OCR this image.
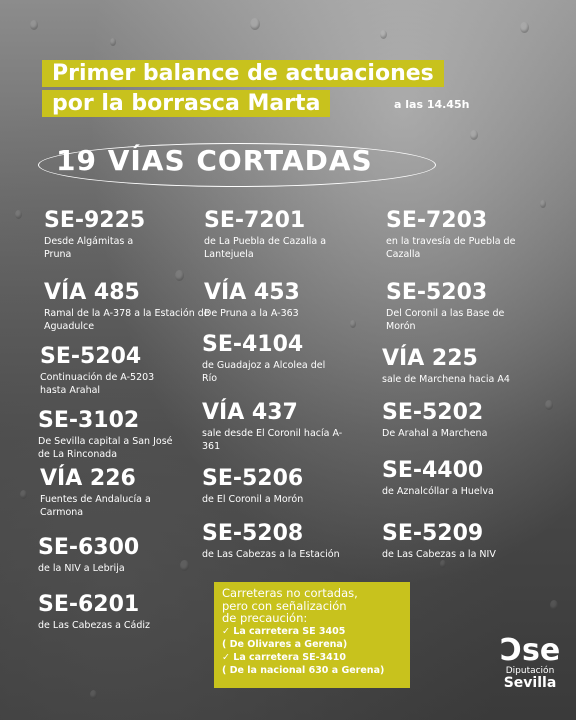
Primer balance de actuaciones
por la borrasca Marta	a las 14.45h
19 VÍAS CORTADAS
SE-9225
Desde Algámitas a Pruna
VÍA 485
Ramal de la A-378 a la Estación de Aguadulce
SE-5204
Continuación de A-5203 hasta Arahal
SE-3102
De Sevilla capital a San José de La Rinconada
VÍA 226
Fuentes de Andalucía a Carmona
SE-6300
de la NIV a Lebrija
SE-6201
de Las Cabezas a Cádiz
SE-7201
de La Puebla de Cazalla a Lantejuela
VÍA 453
De Pruna a la A-363
SE-4104
de Guadajoz a Alcolea del Río
VÍA 437
sale desde El Coronil hacía A-361
SE-5206
de El Coronil a Morón
SE-5208
de Las Cabezas a la Estación
SE-7203
en la travesía de Puebla de Cazalla
SE-5203
Del Coronil a las Base de Morón
VÍA 225
sale de Marchena hacia A4
SE-5202
De Arahal a Marchena
SE-4400
de Aznalcóllar a Huelva
SE-5209
de Las Cabezas a la NIV
Carreteras no cortadas,
pero con señalización
de precaución:
✓ La carretera SE 3405
( De Olivares a Gerena)
✓ La carretera SE-3410
( De la nacional 630 a Gerena)
Ↄse
Diputación
Sevilla
